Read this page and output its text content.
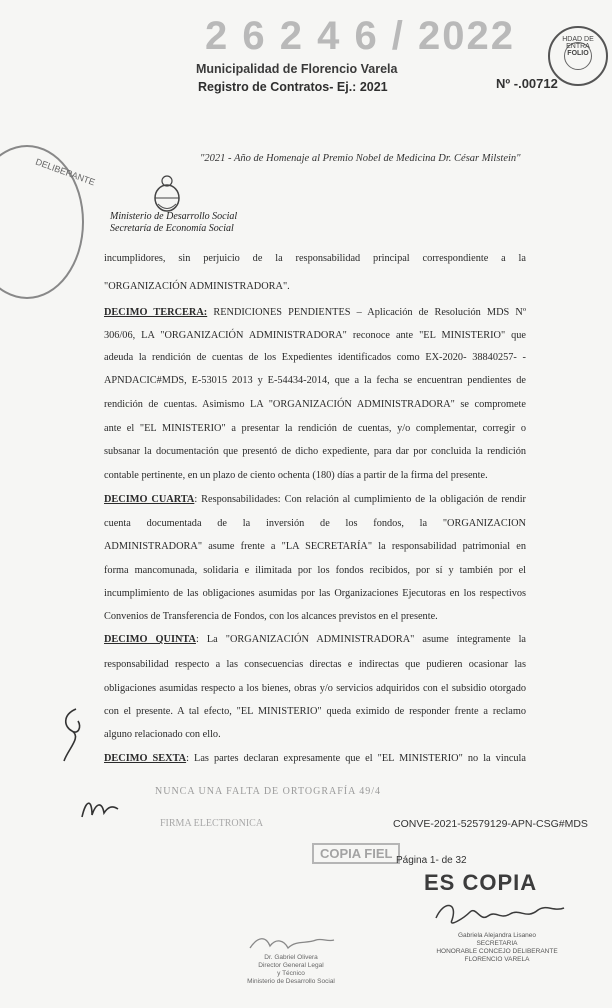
2 6 2 4 6 / 2022
Municipalidad de Florencio Varela
Registro de Contratos- Ej.: 2021	Nº -.00712
HDAD DE ENTRA
FOLIO
DELIBERANTE	"2021 - Año de Homenaje al Premio Nobel de Medicina Dr. César Milstein"
Ministerio de Desarrollo Social
Secretaría de Economía Social
incumplidores, sin perjuicio de la responsabilidad principal correspondiente a la
"ORGANIZACIÓN ADMINISTRADORA".
DECIMO TERCERA: RENDICIONES PENDIENTES – Aplicación de Resolución MDS Nº
306/06, LA "ORGANIZACIÓN ADMINISTRADORA" reconoce ante "EL MINISTERIO" que
adeuda la rendición de cuentas de los Expedientes identificados como EX-2020- 38840257- -
APNDACIC#MDS, E-53015 2013 y E-54434-2014, que a la fecha se encuentran pendientes de
rendición de cuentas. Asimismo LA "ORGANIZACIÓN ADMINISTRADORA" se compromete
ante el "EL MINISTERIO" a presentar la rendición de cuentas, y/o complementar, corregir o
subsanar la documentación que presentó de dicho expediente, para dar por concluida la rendición
contable pertinente, en un plazo de ciento ochenta (180) días a partir de la firma del presente.
DECIMO CUARTA: Responsabilidades: Con relación al cumplimiento de la obligación de rendir
cuenta documentada de la inversión de los fondos, la "ORGANIZACION
ADMINISTRADORA" asume frente a "LA SECRETARÍA" la responsabilidad patrimonial en
forma mancomunada, solidaria e ilimitada por los fondos recibidos, por sí y también por el
incumplimiento de las obligaciones asumidas por las Organizaciones Ejecutoras en los respectivos
Convenios de Transferencia de Fondos, con los alcances previstos en el presente.
DECIMO QUINTA: La "ORGANIZACIÓN ADMINISTRADORA" asume íntegramente la
responsabilidad respecto a las consecuencias directas e indirectas que pudieren ocasionar las
obligaciones asumidas respecto a los bienes, obras y/o servicios adquiridos con el subsidio otorgado
con el presente. A tal efecto, "EL MINISTERIO" queda eximido de responder frente a reclamo
alguno relacionado con ello.
DECIMO SEXTA: Las partes declaran expresamente que el "EL MINISTERIO" no la vincula
NUNCA UNA FALTA DE ORTOGRAFÍA 49/4
FIRMA ELECTRONICA	CONVE-2021-52579129-APN-CSG#MDS
COPIA FIEL Página 1- de 32
ES COPIA
Gabriela Alejandra Lisaneo
SECRETARIA
HONORABLE CONCEJO DELIBERANTE
FLORENCIO VARELA
Dr. Gabriel Olivera
Director General Legal
y Técnico
Ministerio de Desarrollo Social
